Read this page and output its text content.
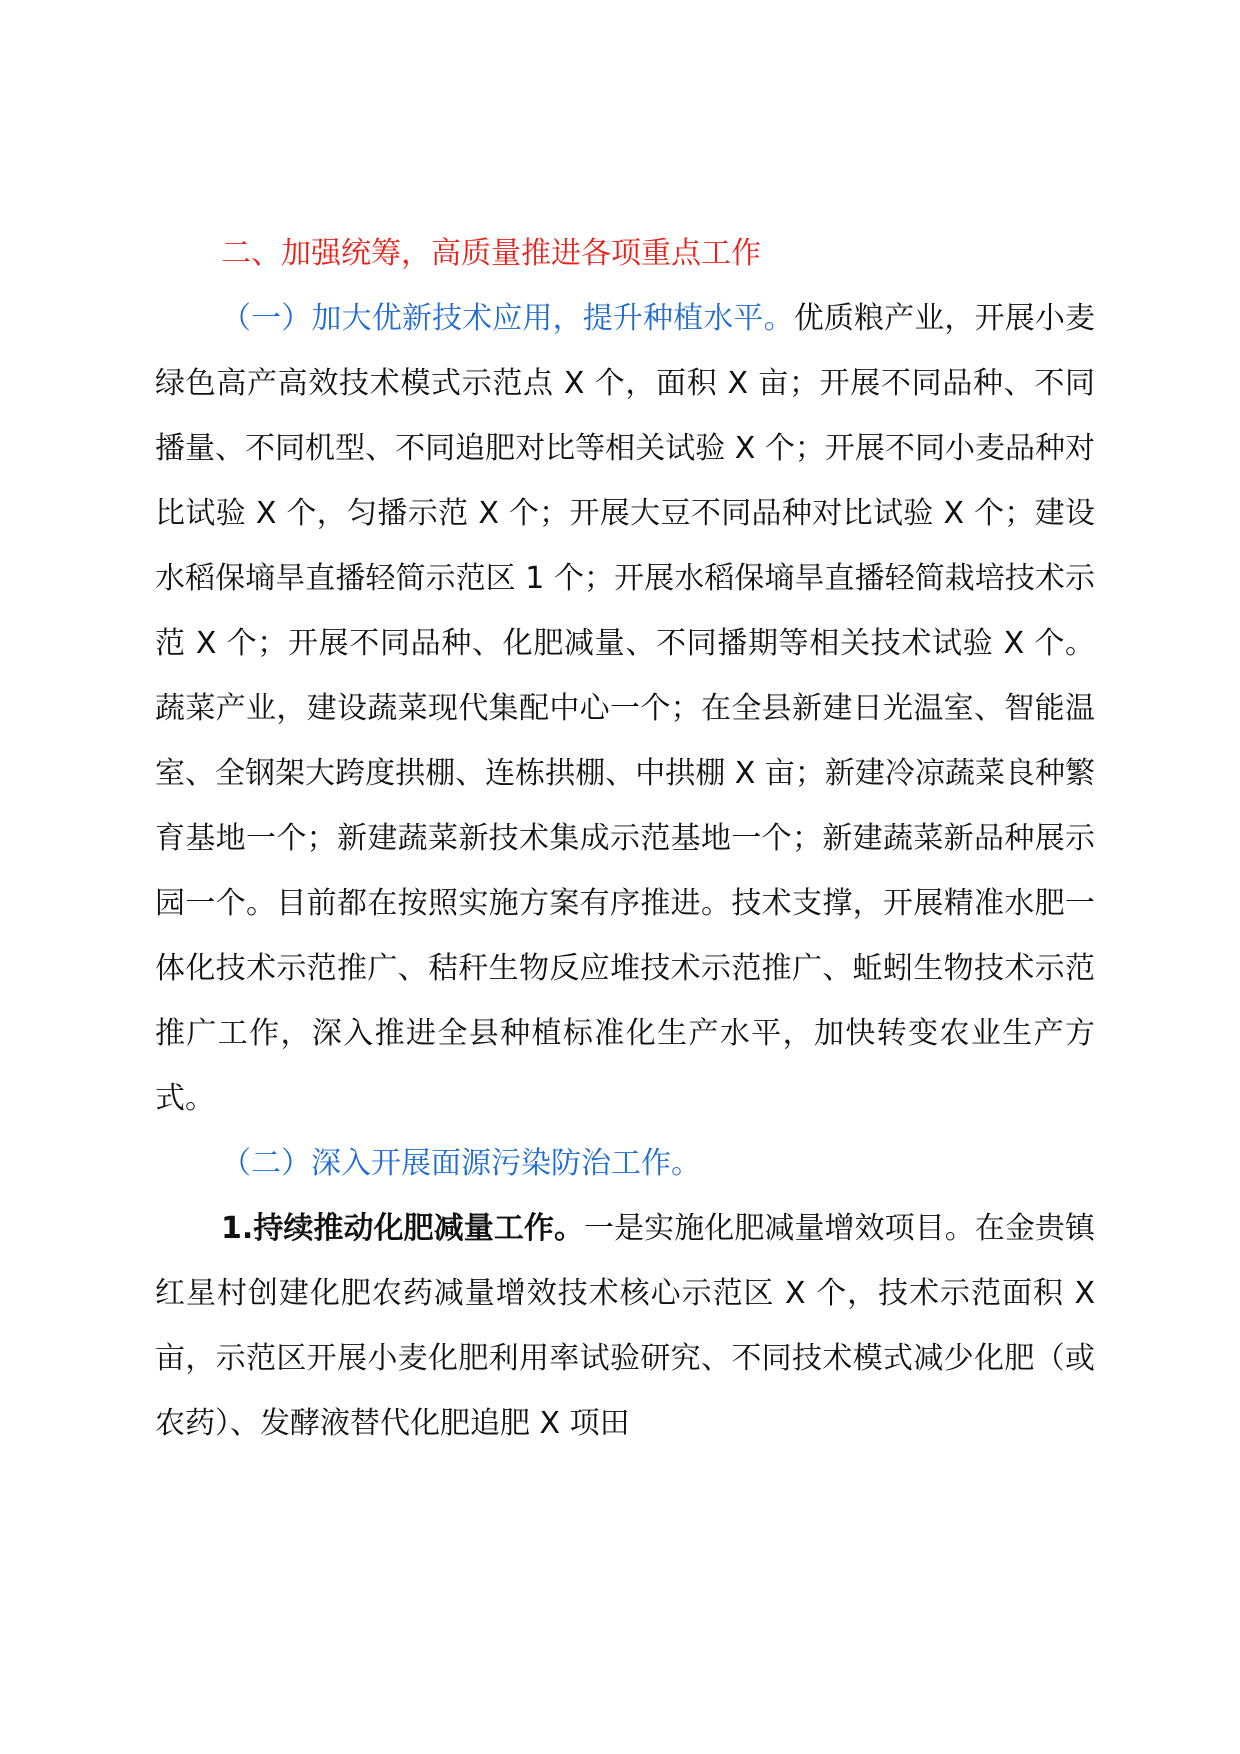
二、加强统筹，高质量推进各项重点工作

（一）加大优新技术应用，提升种植水平。优质粮产业，开展小麦绿色高产高效技术模式示范点 X 个，面积 X 亩；开展不同品种、不同播量、不同机型、不同追肥对比等相关试验 X 个；开展不同小麦品种对比试验 X 个，匀播示范 X 个；开展大豆不同品种对比试验 X 个；建设水稻保墒旱直播轻简示范区 1 个；开展水稻保墒旱直播轻简栽培技术示范 X 个；开展不同品种、化肥减量、不同播期等相关技术试验 X 个。蔬菜产业，建设蔬菜现代集配中心一个；在全县新建日光温室、智能温室、全钢架大跨度拱棚、连栋拱棚、中拱棚 X 亩；新建冷凉蔬菜良种繁育基地一个；新建蔬菜新技术集成示范基地一个；新建蔬菜新品种展示园一个。目前都在按照实施方案有序推进。技术支撑，开展精准水肥一体化技术示范推广、秸秆生物反应堆技术示范推广、蚯蚓生物技术示范推广工作，深入推进全县种植标准化生产水平，加快转变农业生产方式。

（二）深入开展面源污染防治工作。

1.持续推动化肥减量工作。一是实施化肥减量增效项目。在金贵镇红星村创建化肥农药减量增效技术核心示范区 X 个，技术示范面积 X 亩，示范区开展小麦化肥利用率试验研究、不同技术模式减少化肥（或农药）、发酵液替代化肥追肥 X 项田
